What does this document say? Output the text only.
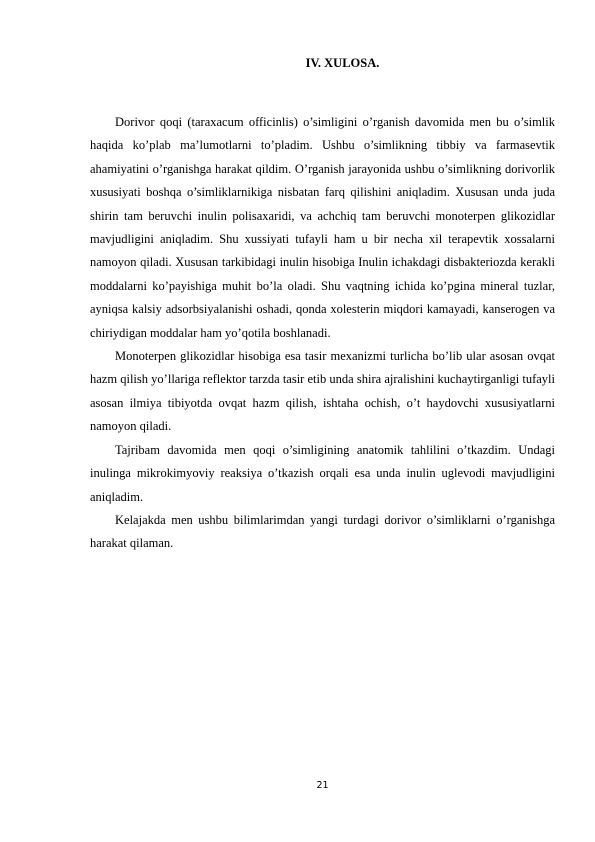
IV. XULOSA.

Dorivor qoqi (taraxacum officinlis) o’simligini o’rganish davomida men bu o’simlik haqida ko’plab ma’lumotlarni to’pladim. Ushbu o’simlikning tibbiy va farmasevtik ahamiyatini o’rganishga harakat qildim. O’rganish jarayonida ushbu o’simlikning dorivorlik xususiyati boshqa o’simliklarnikiga nisbatan farq qilishini aniqladim. Xususan unda juda shirin tam beruvchi inulin polisaxaridi, va achchiq tam beruvchi monoterpen glikozidlar mavjudligini aniqladim. Shu xussiyati tufayli ham u bir necha xil terapevtik xossalarni namoyon qiladi. Xususan tarkibidagi inulin hisobiga Inulin ichakdagi disbakteriozda kerakli moddalarni ko’payishiga muhit bo’la oladi. Shu vaqtning ichida ko’pgina mineral tuzlar, ayniqsa kalsiy adsorbsiyalanishi oshadi, qonda xolesterin miqdori kamayadi, kanserogen va chiriydigan moddalar ham yo’qotila boshlanadi.

Monoterpen glikozidlar hisobiga esa tasir mexanizmi turlicha bo’lib ular asosan ovqat hazm qilish yo’llariga reflektor tarzda tasir etib unda shira ajralishini kuchaytirganligi tufayli asosan ilmiya tibiyotda ovqat hazm qilish, ishtaha ochish, o’t haydovchi xususiyatlarni namoyon qiladi.

Tajribam davomida men qoqi o’simligining anatomik tahlilini o’tkazdim. Undagi inulinga mikrokimyoviy reaksiya o’tkazish orqali esa unda inulin uglevodi mavjudligini aniqladim.

Kelajakda men ushbu bilimlarimdan yangi turdagi dorivor o’simliklarni o’rganishga harakat qilaman.

21
